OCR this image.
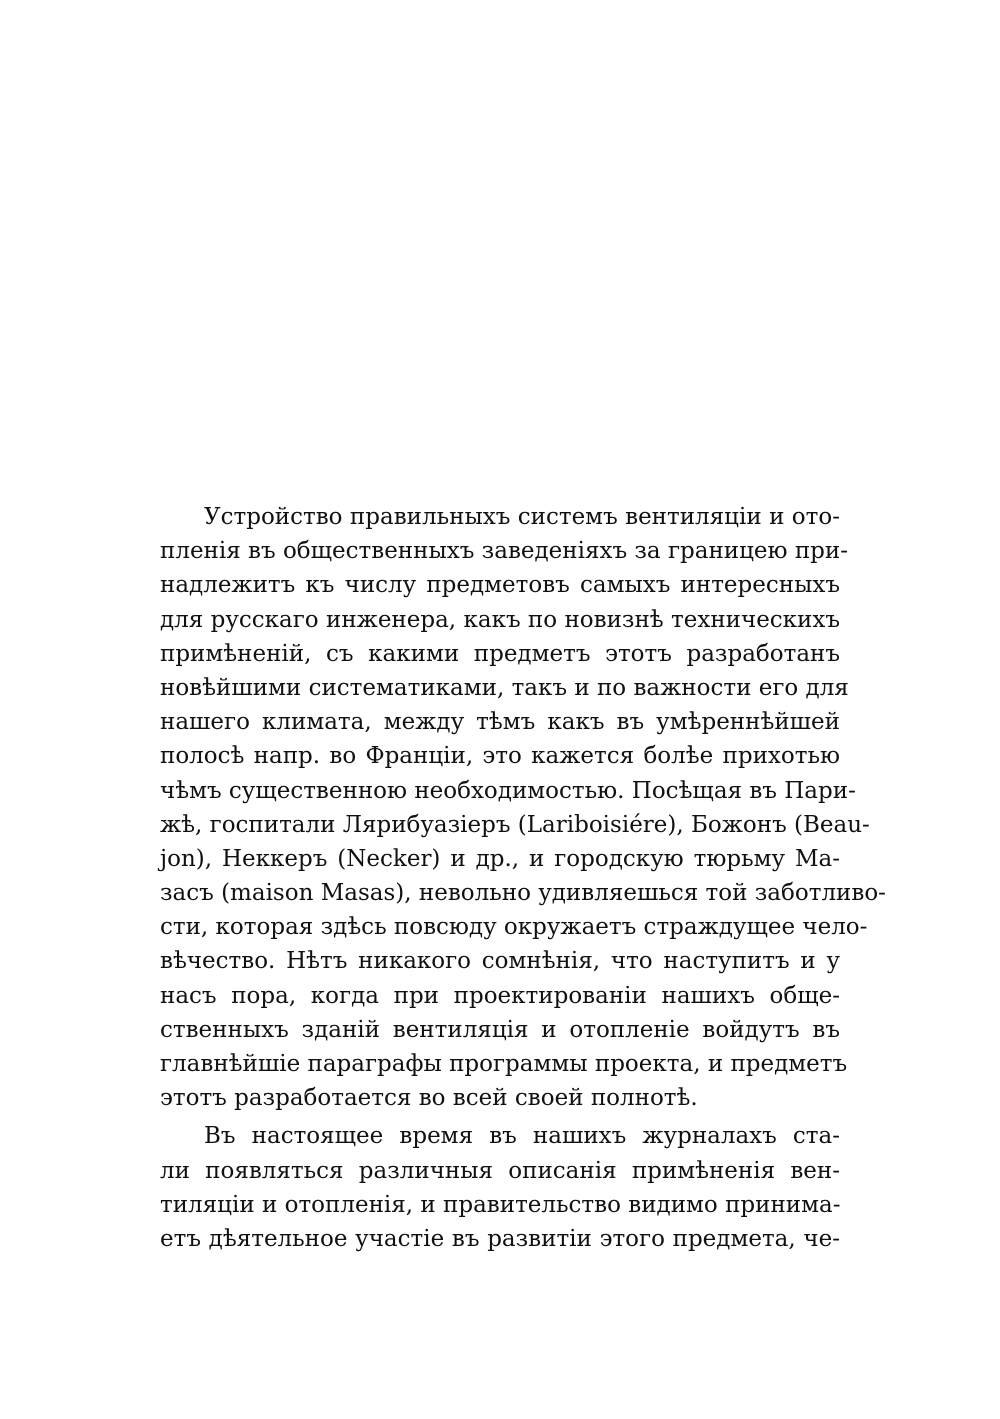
Устройство правильныхъ системъ вентиляціи и ото-
пленія въ общественныхъ заведеніяхъ за границею при-
надлежитъ къ числу предметовъ самыхъ интересныхъ
для русскаго инженера, какъ по новизнѣ техническихъ
примѣненій, съ какими предметъ этотъ разработанъ
новѣйшими систематиками, такъ и по важности его для
нашего климата, между тѣмъ какъ въ умѣреннѣйшей
полосѣ напр. во Франціи, это кажется болѣе прихотью
чѣмъ существенною необходимостью. Посѣщая въ Пари-
жѣ, госпитали Лярибуазіеръ (Lariboisiére), Божонъ (Beau-
jon), Неккеръ (Necker) и др., и городскую тюрьму Ма-
засъ (maison Masas), невольно удивляешься той заботливо-
сти, которая здѣсь повсюду окружаетъ страждущее чело-
вѣчество. Нѣтъ никакого сомнѣнія, что наступитъ и у
насъ пора, когда при проектированіи нашихъ обще-
ственныхъ зданій вентиляція и отопленіе войдутъ въ
главнѣйшіе параграфы программы проекта, и предметъ
этотъ разработается во всей своей полнотѣ.

Въ настоящее время въ нашихъ журналахъ ста-
ли появляться различныя описанія примѣненія вен-
тиляціи и отопленія, и правительство видимо принима-
етъ дѣятельное участіе въ развитіи этого предмета, че-
